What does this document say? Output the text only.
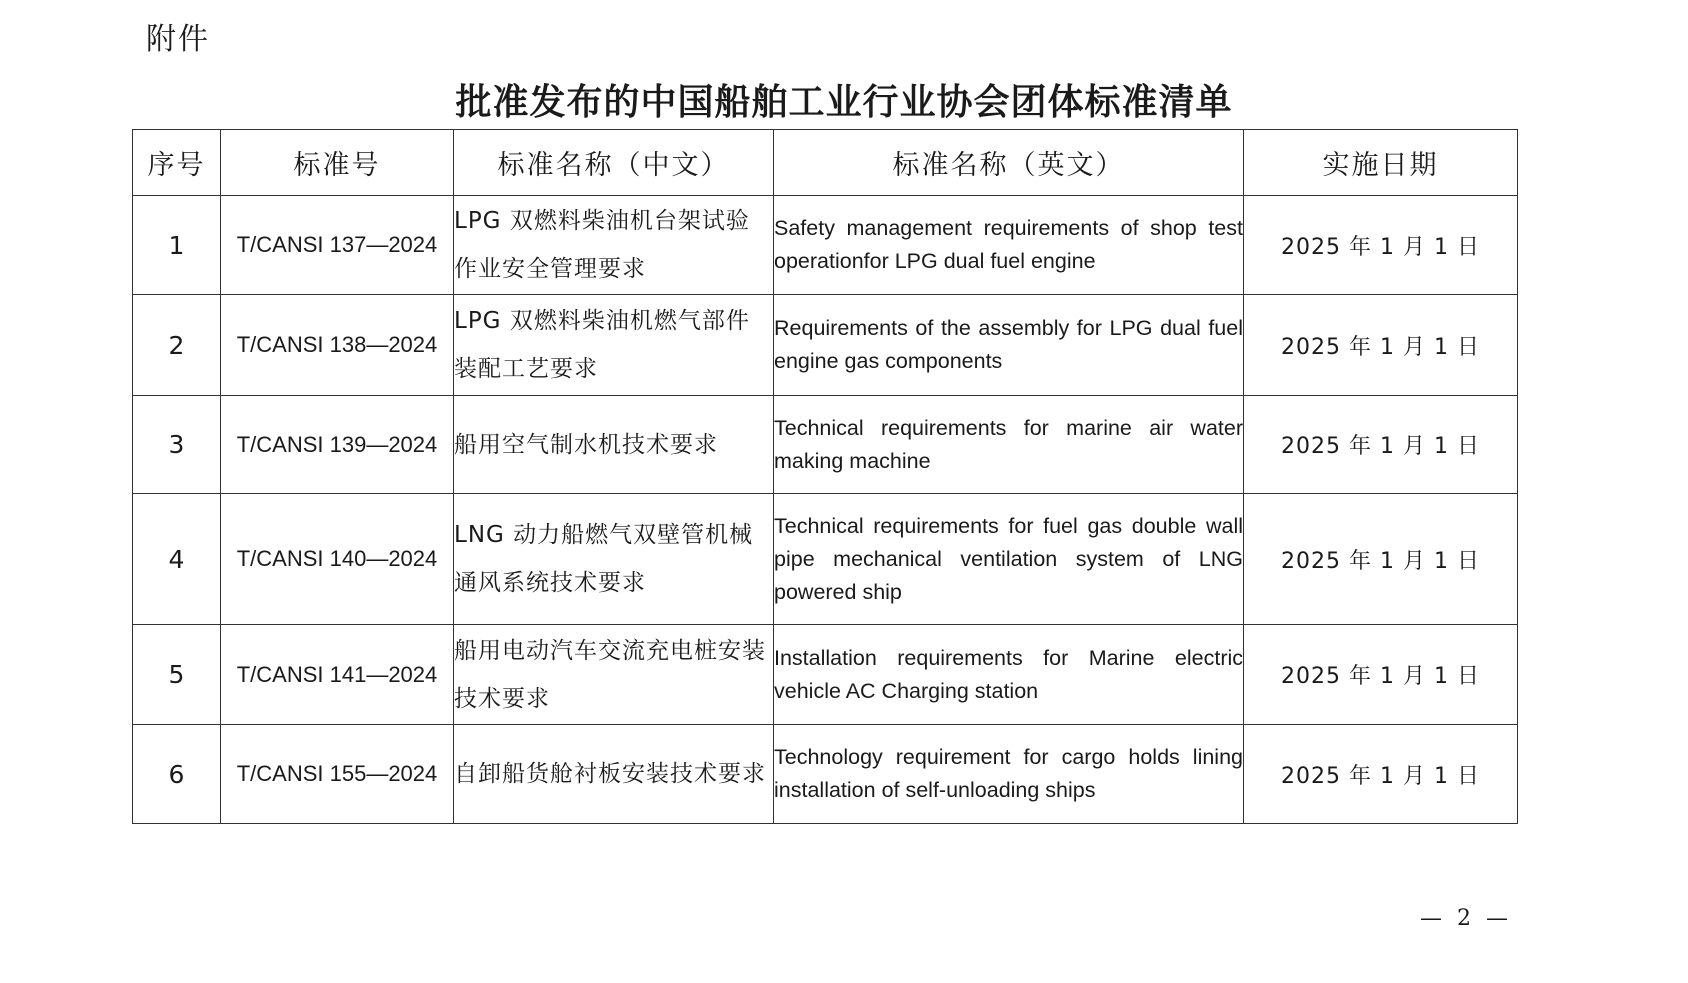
附件
批准发布的中国船舶工业行业协会团体标准清单
序号	标准号	标准名称（中文）	标准名称（英文）	实施日期
1	T/CANSI 137—2024	LPG 双燃料柴油机台架试验作业安全管理要求	Safety management requirements of shop test operationfor LPG dual fuel engine	2025 年 1 月 1 日
2	T/CANSI 138—2024	LPG 双燃料柴油机燃气部件装配工艺要求	Requirements of the assembly for LPG dual fuel engine gas components	2025 年 1 月 1 日
3	T/CANSI 139—2024	船用空气制水机技术要求	Technical requirements for marine air water making machine	2025 年 1 月 1 日
4	T/CANSI 140—2024	LNG 动力船燃气双壁管机械通风系统技术要求	Technical requirements for fuel gas double wall pipe mechanical ventilation system of LNG powered ship	2025 年 1 月 1 日
5	T/CANSI 141—2024	船用电动汽车交流充电桩安装技术要求	Installation requirements for Marine electric vehicle AC Charging station	2025 年 1 月 1 日
6	T/CANSI 155—2024	自卸船货舱衬板安装技术要求	Technology requirement for cargo holds lining installation of self-unloading ships	2025 年 1 月 1 日
— 2 —
